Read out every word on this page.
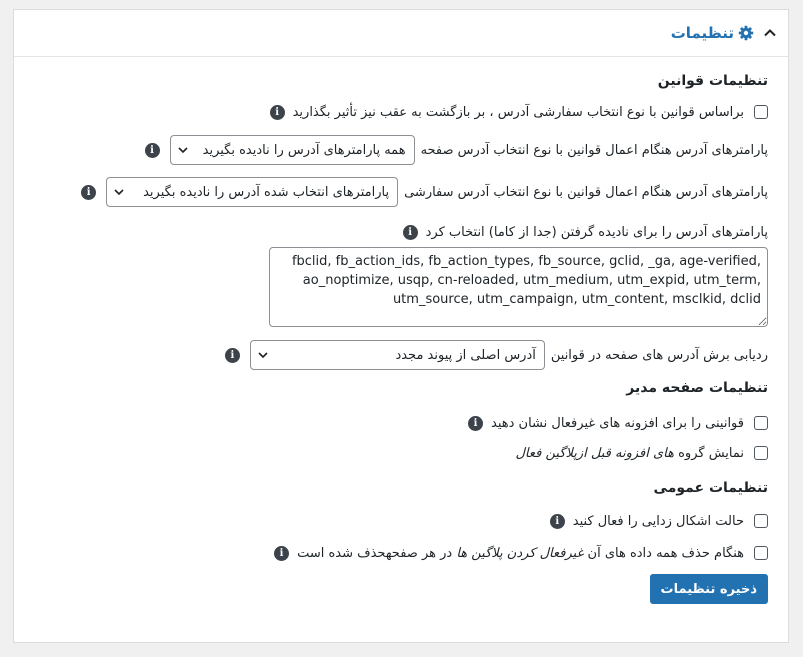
تنظیمات
تنظیمات قوانین
براساس قوانین با نوع انتخاب سفارشی آدرس ، بر بازگشت به عقب نیز تأثیر بگذارید
i
پارامترهای آدرس هنگام اعمال قوانین با نوع انتخاب آدرس صفحه
همه پارامترهای آدرس را نادیده بگیرید
i
پارامترهای آدرس هنگام اعمال قوانین با نوع انتخاب آدرس سفارشی
پارامترهای انتخاب شده آدرس را نادیده بگیرید
i
پارامترهای آدرس را برای نادیده گرفتن (جدا از کاما) انتخاب کرد
i
fbclid, fb_action_ids, fb_action_types, fb_source, gclid, _ga, age-verified, ao_noptimize, usqp, cn-reloaded, utm_medium, utm_expid, utm_term, utm_source, utm_campaign, utm_content, msclkid, dclid
ردیابی برش آدرس های صفحه در قوانین
آدرس اصلی از پیوند مجدد
i
تنظیمات صفحه مدیر
قوانینی را برای افزونه های غیرفعال نشان دهید
i
نمایش گروه های افزونه قبل ازپلاگین فعال
تنظیمات عمومی
حالت اشکال زدایی را فعال کنید
i
هنگام حذف همه داده های آن غیرفعال کردن پلاگین ها در هر صفحهحذف شده است
i
ذخیره تنظیمات
